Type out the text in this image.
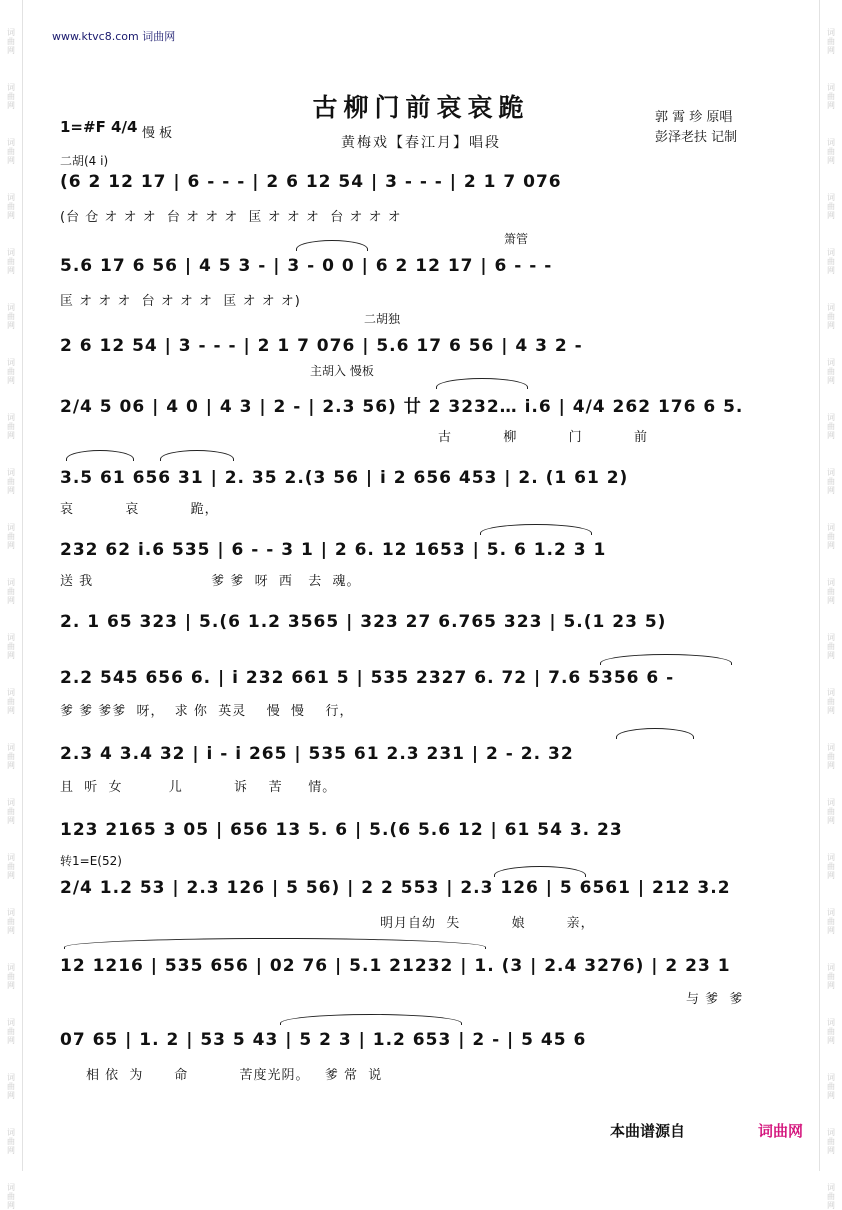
词曲网
词曲网
词曲网
词曲网
词曲网
词曲网
词曲网
词曲网
词曲网
词曲网
词曲网
词曲网
词曲网
词曲网
词曲网
词曲网
词曲网
词曲网
词曲网
词曲网
词曲网
词曲网
词曲网
词曲网
词曲网
词曲网
词曲网
词曲网
词曲网
词曲网
词曲网
词曲网
词曲网
词曲网
词曲网
词曲网
词曲网
词曲网
词曲网
词曲网
词曲网
词曲网
词曲网
词曲网
www.ktvc8.com 词曲网
古柳门前哀哀跪
黄梅戏【春江月】唱段
郭 霄 珍 原唱
彭泽老扶 记制
1=#F 4/4 慢 板
二胡(4 i)
(6 2 12 17 | 6 - - - | 2 6 12 54 | 3 - - - | 2 1 7 076
(台 仓 オ オ オ  台 オ オ オ  匡 オ オ オ  台 オ オ オ
箫管
5.6 17 6 56 | 4 5 3 - | 3 - 0 0 | 6 2 12 17 | 6 - - -
匡 オ オ オ  台 オ オ オ  匡 オ オ オ)
二胡独
2 6 12 54 | 3 - - - | 2 1 7 076 | 5.6 17 6 56 | 4 3 2 -
主胡入 慢板
2/4 5 06 | 4 0 | 4 3 | 2 - | 2.3 56) 廿 2 3232… i.6 | 4/4 262 176 6 5.
古          柳          门          前
3.5 61 656 31 | 2. 35 2.(3 56 | i 2 656 453 | 2. (1 61 2)
哀          哀          跪，
232 62 i.6 535 | 6 - - 3 1 | 2 6. 12 1653 | 5. 6 1.2 3 1
送 我                       爹 爹  呀  西   去  魂。
2. 1 65 323 | 5.(6 1.2 3565 | 323 27 6.765 323 | 5.(1 23 5)
2.2 545 656 6. | i 232 661 5 | 535 2327 6. 72 | 7.6 5356 6 -
爹 爹 爹爹  呀，  求 你  英灵    慢  慢    行，
2.3 4 3.4 32 | i - i 265 | 535 61 2.3 231 | 2 - 2. 32
且  听  女         儿          诉    苦     情。
123 2165 3 05 | 656 13 5. 6 | 5.(6 5.6 12 | 61 54 3. 23
转1=E(52)
2/4 1.2 53 | 2.3 126 | 5 56) | 2 2 553 | 2.3 126 | 5 6561 | 212 3.2
明月自幼  失          娘        亲，
12 1216 | 535 656 | 02 76 | 5.1 21232 | 1. (3 | 2.4 3276) | 2 23 1
与 爹  爹
07 65 | 1. 2 | 53 5 43 | 5 2 3 | 1.2 653 | 2 - | 5 45 6
相 依  为      命          苦度光阴。   爹 常  说
本曲谱源自	词曲网
